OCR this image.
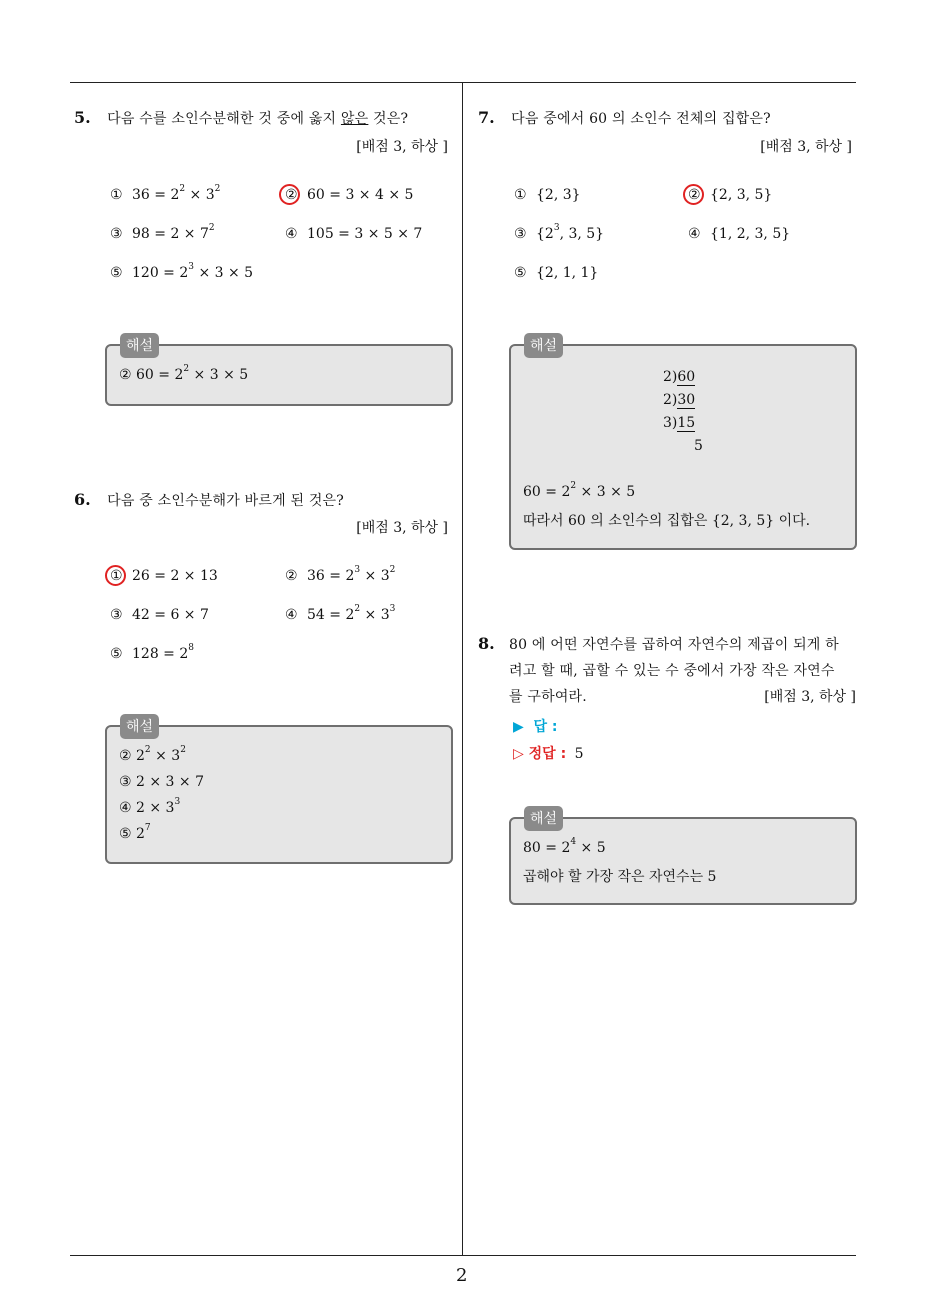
5. 다음 수를 소인수분해한 것 중에 옳지 않은 것은?
[배점 3, 하상 ]
① $36 = 2^2 \times 3^2$	② 60 = 3 × 4 × 5
③ $98 = 2 \times 7^2$	④ 105 = 3 × 5 × 7
⑤ $120 = 2^3 \times 3 \times 5$
② $60 = 2^2 \times 3 \times 5$
해설
6. 다음 중 소인수분해가 바르게 된 것은?
[배점 3, 하상 ]
① 26 = 2 × 13	② $36 = 2^3 \times 3^2$
③ 42 = 6 × 7	④ $54 = 2^2 \times 3^3$
⑤ $128 = 2^8$
② $2^2 \times 3^2$
③ 2 × 3 × 7
④ $2 \times 3^3$
⑤ $2^7$
해설
7. 다음 중에서 60 의 소인수 전체의 집합은?
[배점 3, 하상 ]
① {2, 3}	② {2, 3, 5}
③ {$2^3$, 3, 5}	④ {1, 2, 3, 5}
⑤ {2, 1, 1}
2)60
2)30
3)15
5
$60 = 2^2 \times 3 \times 5$
따라서 60 의 소인수의 집합은 {2, 3, 5} 이다.
해설
8. 80 에 어떤 자연수를 곱하여 자연수의 제곱이 되게 하
려고 할 때, 곱할 수 있는 수 중에서 가장 작은 자연수
를 구하여라.	[배점 3, 하상 ]
▶  답 :
▷ 정답 : 5
$80 = 2^4 \times 5$
곱해야 할 가장 작은 자연수는 5
해설
2
